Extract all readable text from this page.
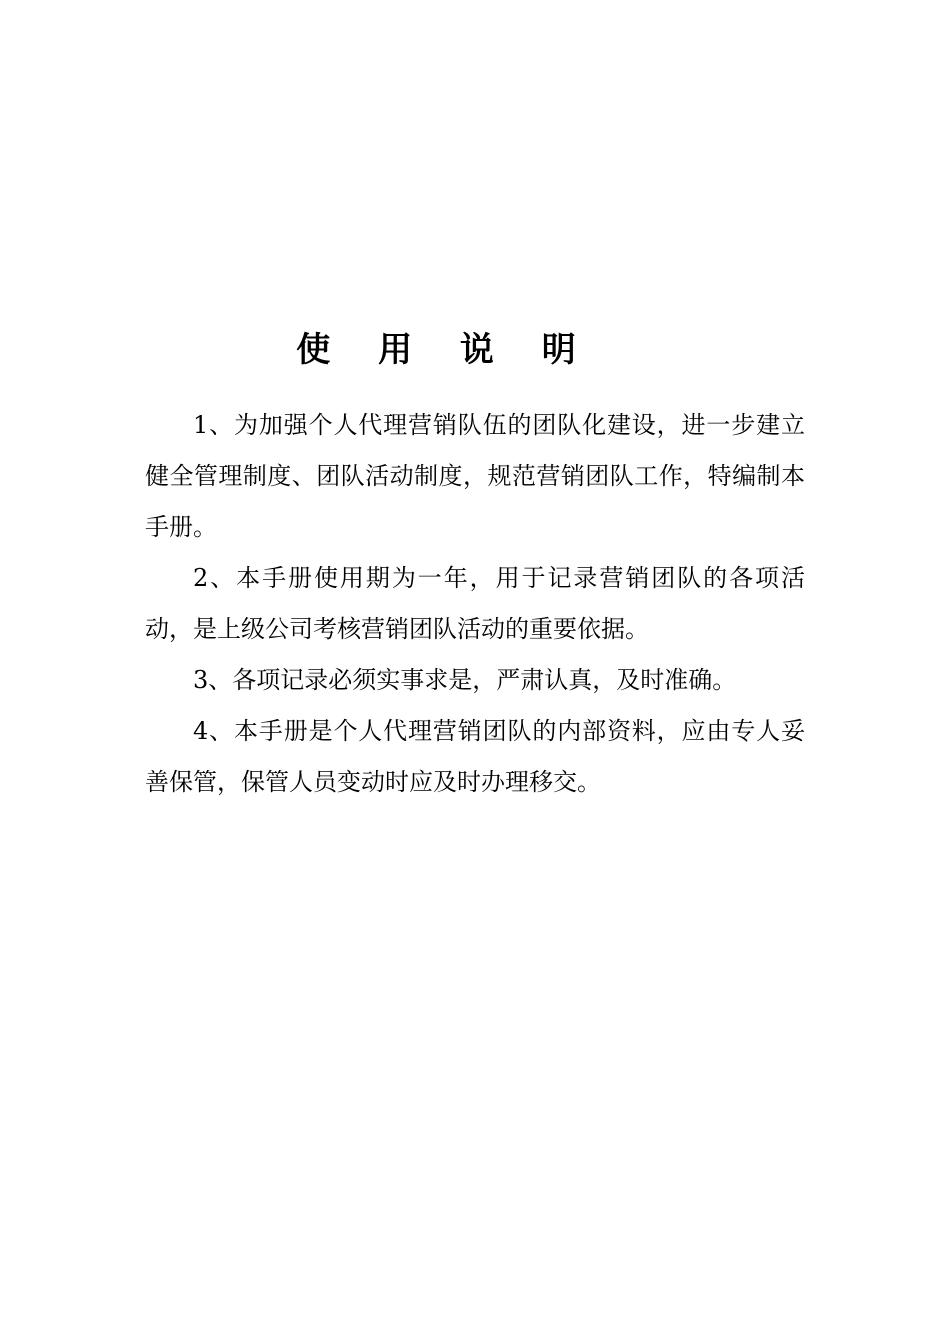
使 用 说 明

1、为加强个人代理营销队伍的团队化建设，进一步建立健全管理制度、团队活动制度，规范营销团队工作，特编制本手册。

2、本手册使用期为一年，用于记录营销团队的各项活动，是上级公司考核营销团队活动的重要依据。

3、各项记录必须实事求是，严肃认真，及时准确。

4、本手册是个人代理营销团队的内部资料，应由专人妥善保管，保管人员变动时应及时办理移交。
